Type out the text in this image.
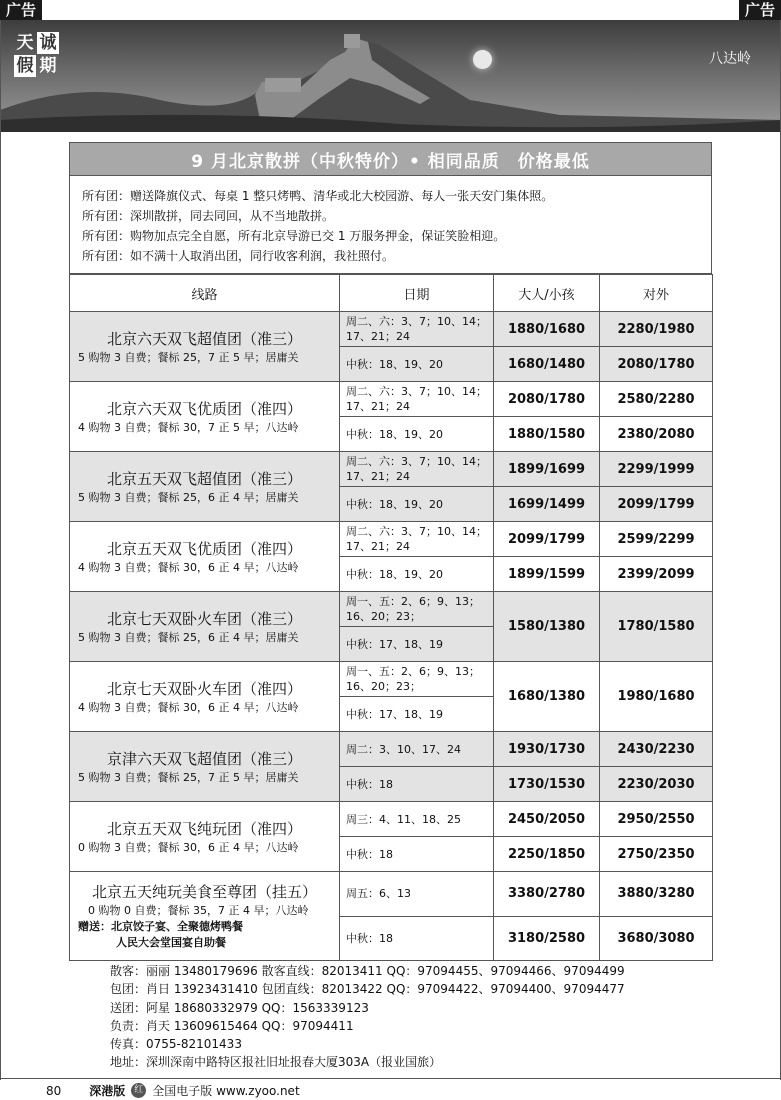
广告	广告
天 诚
假 期	八达岭
9 月北京散拼（中秋特价）• 相同品质　价格最低
所有团：赠送降旗仪式、每桌 1 整只烤鸭、清华或北大校园游、每人一张天安门集体照。
所有团：深圳散拼，同去同回，从不当地散拼。
所有团：购物加点完全自愿，所有北京导游已交 1 万服务押金，保证笑脸相迎。
所有团：如不满十人取消出团，同行收客利润，我社照付。
线路	日期	大人/小孩	对外

北京六天双飞超值团（准三）
5 购物 3 自费；餐标 25，7 正 5 早；居庸关	周二、六：3、7；10、14；17、21；24	1880/1680	2280/1980
	中秋：18、19、20	1680/1480	2080/1780

北京六天双飞优质团（准四）
4 购物 3 自费；餐标 30，7 正 5 早；八达岭	周二、六：3、7；10、14；17、21；24	2080/1780	2580/2280
	中秋：18、19、20	1880/1580	2380/2080

北京五天双飞超值团（准三）
5 购物 3 自费；餐标 25，6 正 4 早；居庸关	周二、六：3、7；10、14；17、21；24	1899/1699	2299/1999
	中秋：18、19、20	1699/1499	2099/1799

北京五天双飞优质团（准四）
4 购物 3 自费；餐标 30，6 正 4 早；八达岭	周二、六：3、7；10、14；17、21；24	2099/1799	2599/2299
	中秋：18、19、20	1899/1599	2399/2099

北京七天双卧火车团（准三）
5 购物 3 自费；餐标 25，6 正 4 早；居庸关	周一、五：2、6；9、13；16、20；23；	1580/1380	1780/1580
	中秋：17、18、19		

北京七天双卧火车团（准四）
4 购物 3 自费；餐标 30，6 正 4 早；八达岭	周一、五：2、6；9、13；16、20；23；	1680/1380	1980/1680
	中秋：17、18、19		

京津六天双飞超值团（准三）
5 购物 3 自费；餐标 25，7 正 5 早；居庸关	周二：3、10、17、24	1930/1730	2430/2230
	中秋：18	1730/1530	2230/2030

北京五天双飞纯玩团（准四）
0 购物 3 自费；餐标 30，6 正 4 早；八达岭	周三：4、11、18、25	2450/2050	2950/2550
	中秋：18	2250/1850	2750/2350

北京五天纯玩美食至尊团（挂五）
0 购物 0 自费；餐标 35，7 正 4 早；八达岭
赠送：北京饺子宴、全聚德烤鸭餐
人民大会堂国宴自助餐	周五：6、13	3380/2780	3880/3280
	中秋：18	3180/2580	3680/3080
散客：丽丽 13480179696 散客直线：82013411 QQ：97094455、97094466、97094499
包团：肖日 13923431410 包团直线：82013422 QQ：97094422、97094400、97094477
送团：阿星 18680332979 QQ：1563339123
负责：肖天 13609615464 QQ：97094411
传真：0755-82101433
地址：深圳深南中路特区报社旧址报春大厦303A（报业国旅）
80 深港版 红 全国电子版 www.zyoo.net
